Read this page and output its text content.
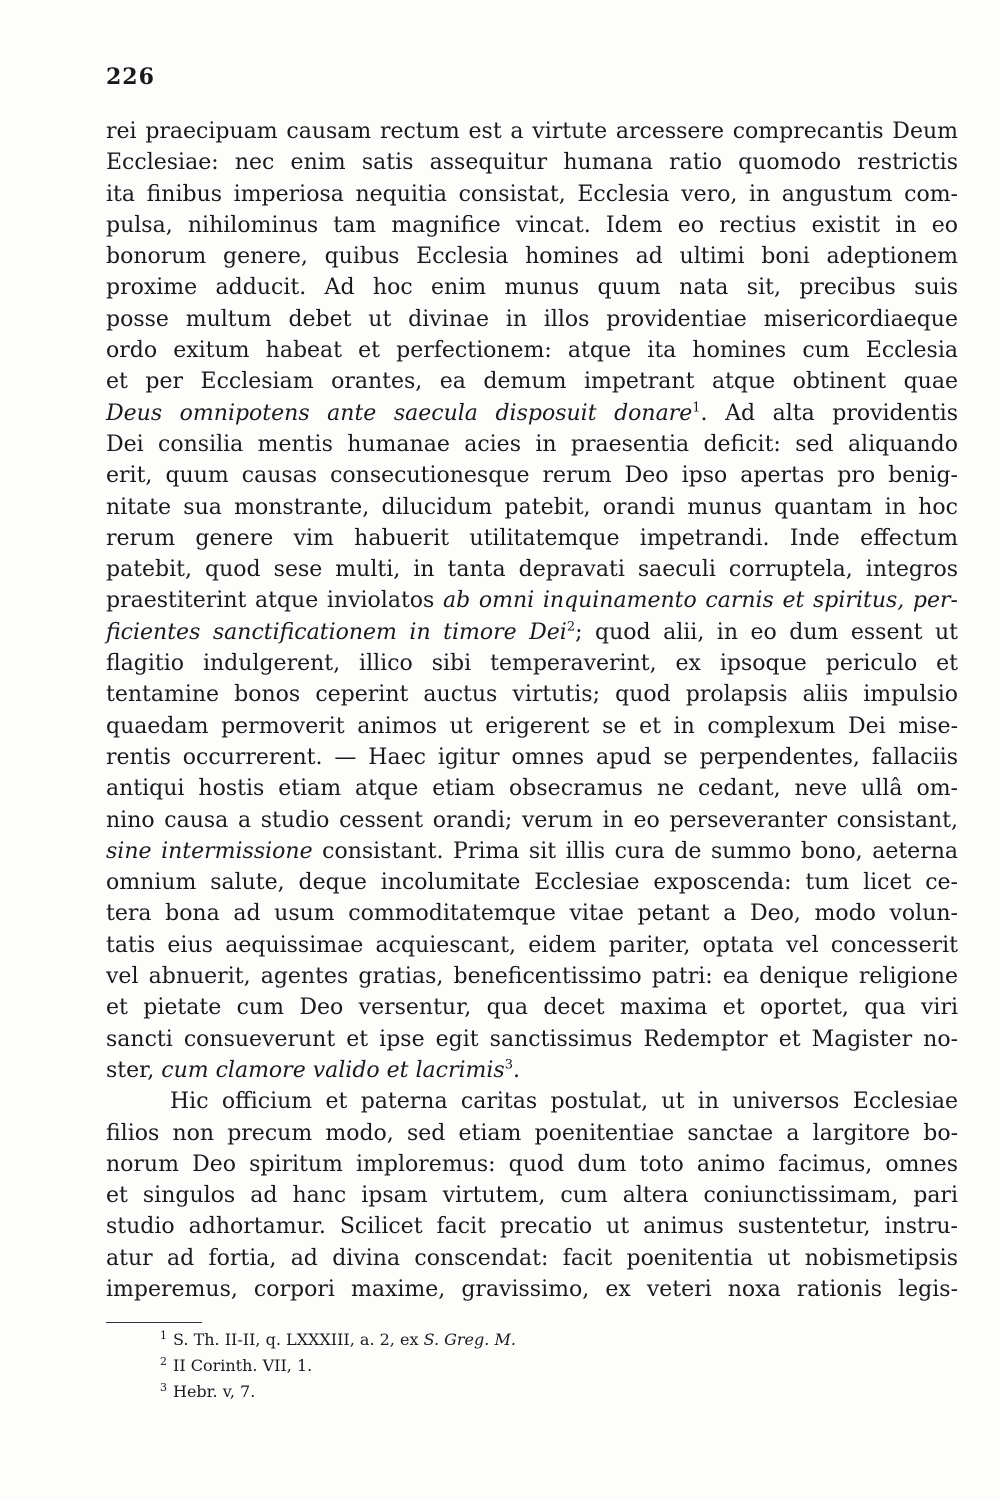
226
rei praecipuam causam rectum est a virtute arcessere comprecantis Deum
Ecclesiae: nec enim satis assequitur humana ratio quomodo restrictis
ita finibus imperiosa nequitia consistat, Ecclesia vero, in angustum com-
pulsa, nihilominus tam magnifice vincat. Idem eo rectius existit in eo
bonorum genere, quibus Ecclesia homines ad ultimi boni adeptionem
proxime adducit. Ad hoc enim munus quum nata sit, precibus suis
posse multum debet ut divinae in illos providentiae misericordiaeque
ordo exitum habeat et perfectionem: atque ita homines cum Ecclesia
et per Ecclesiam orantes, ea demum impetrant atque obtinent quae
Deus omnipotens ante saecula disposuit donare$^1$. Ad alta providentis
Dei consilia mentis humanae acies in praesentia deficit: sed aliquando
erit, quum causas consecutionesque rerum Deo ipso apertas pro benig-
nitate sua monstrante, dilucidum patebit, orandi munus quantam in hoc
rerum genere vim habuerit utilitatemque impetrandi. Inde effectum
patebit, quod sese multi, in tanta depravati saeculi corruptela, integros
praestiterint atque inviolatos ab omni inquinamento carnis et spiritus, per-
ficientes sanctificationem in timore Dei$^2$; quod alii, in eo dum essent ut
flagitio indulgerent, illico sibi temperaverint, ex ipsoque periculo et
tentamine bonos ceperint auctus virtutis; quod prolapsis aliis impulsio
quaedam permoverit animos ut erigerent se et in complexum Dei mise-
rentis occurrerent. — Haec igitur omnes apud se perpendentes, fallaciis
antiqui hostis etiam atque etiam obsecramus ne cedant, neve ullâ om-
nino causa a studio cessent orandi; verum in eo perseveranter consistant,
sine intermissione consistant. Prima sit illis cura de summo bono, aeterna
omnium salute, deque incolumitate Ecclesiae exposcenda: tum licet ce-
tera bona ad usum commoditatemque vitae petant a Deo, modo volun-
tatis eius aequissimae acquiescant, eidem pariter, optata vel concesserit
vel abnuerit, agentes gratias, beneficentissimo patri: ea denique religione
et pietate cum Deo versentur, qua decet maxima et oportet, qua viri
sancti consueverunt et ipse egit sanctissimus Redemptor et Magister no-
ster, cum clamore valido et lacrimis$^3$.
Hic officium et paterna caritas postulat, ut in universos Ecclesiae
filios non precum modo, sed etiam poenitentiae sanctae a largitore bo-
norum Deo spiritum imploremus: quod dum toto animo facimus, omnes
et singulos ad hanc ipsam virtutem, cum altera coniunctissimam, pari
studio adhortamur. Scilicet facit precatio ut animus sustentetur, instru-
atur ad fortia, ad divina conscendat: facit poenitentia ut nobismetipsis
imperemus, corpori maxime, gravissimo, ex veteri noxa rationis legis-
$^1$ S. Th. II-II, q. LXXXIII, a. 2, ex S. Greg. M.
$^2$ II Corinth. VII, 1.
$^3$ Hebr. v, 7.
